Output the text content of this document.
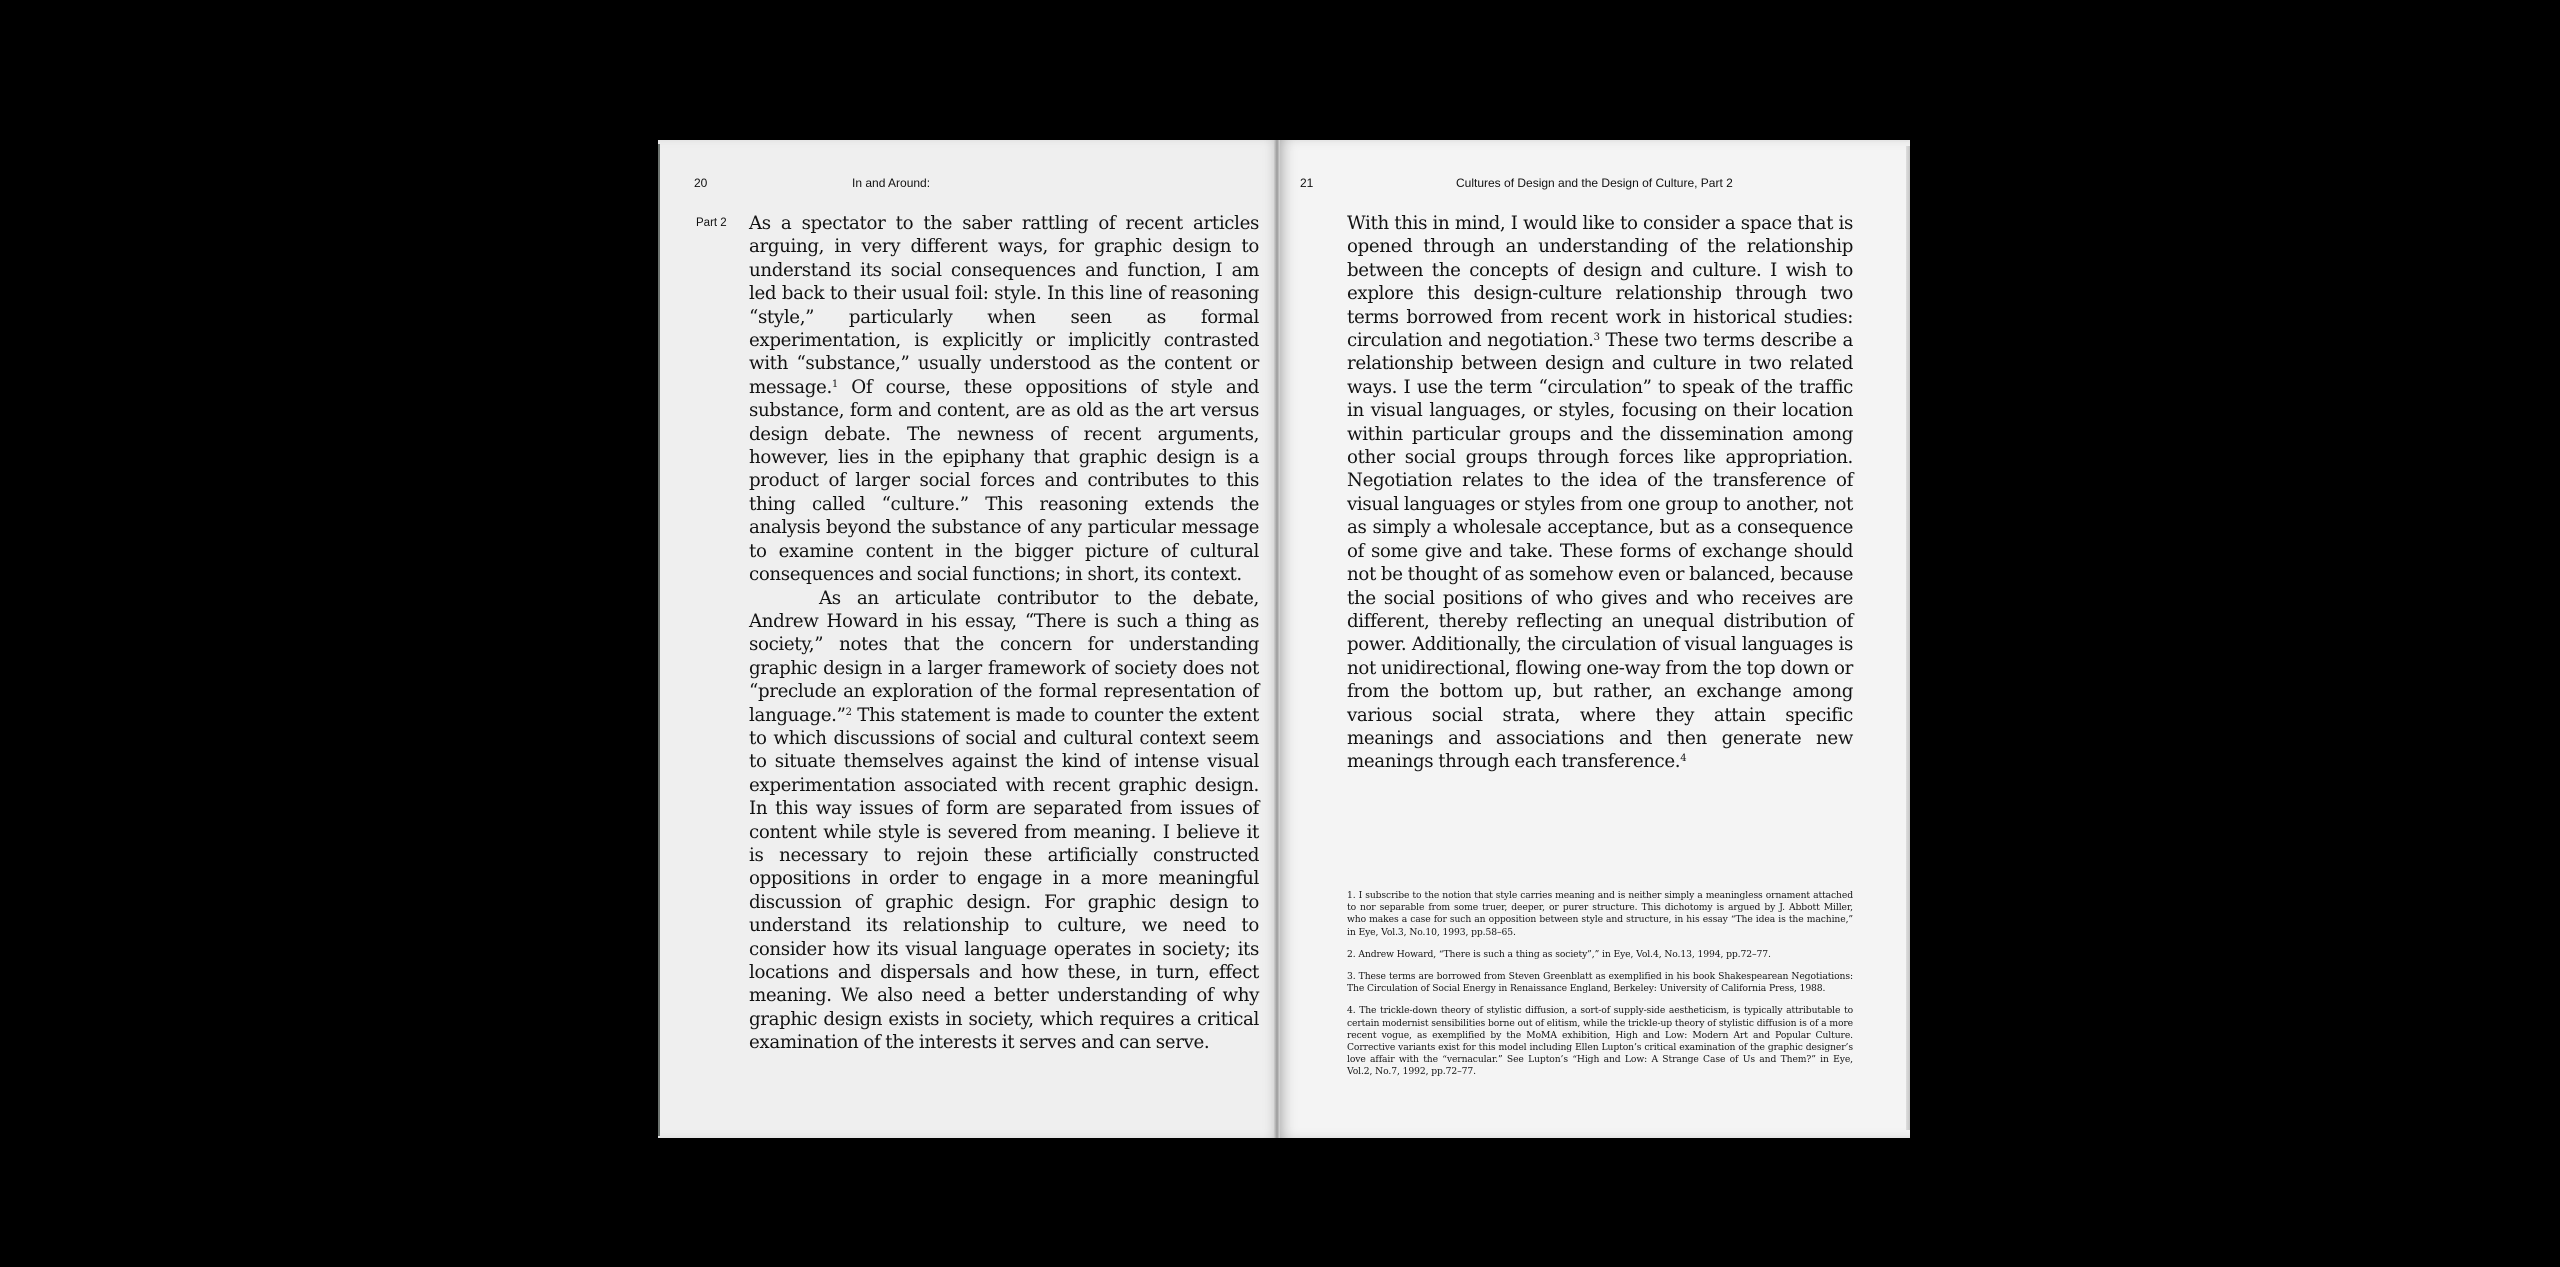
20	In and Around:
Part 2 As a spectator to the saber rattling of recent articles arguing, in very different ways, for graphic design to understand its social consequences and function, I am led back to their usual foil: style. In this line of reasoning “style,” particularly when seen as formal experimentation, is explicitly or implicitly contrasted with “substance,” usually understood as the content or message.$^1$ Of course, these oppositions of style and substance, form and content, are as old as the art versus design debate. The newness of recent arguments, however, lies in the epiphany that graphic design is a product of larger social forces and contributes to this thing called “culture.” This reasoning extends the analysis beyond the substance of any particular message to examine content in the bigger picture of cultural consequences and social functions; in short, its context.

As an articulate contributor to the debate, Andrew Howard in his essay, “There is such a thing as society,” notes that the concern for understanding graphic design in a larger framework of society does not “preclude an exploration of the formal representation of language.”$^2$ This statement is made to counter the extent to which discussions of social and cultural context seem to situate themselves against the kind of intense visual experimentation associated with recent graphic design. In this way issues of form are separated from issues of content while style is severed from meaning. I believe it is necessary to rejoin these artificially constructed oppositions in order to engage in a more meaningful discussion of graphic design. For graphic design to understand its relationship to culture, we need to consider how its visual language operates in society; its locations and dispersals and how these, in turn, effect meaning. We also need a better understanding of why graphic design exists in society, which requires a critical examination of the interests it serves and can serve.

21	Cultures of Design and the Design of Culture, Part 2

With this in mind, I would like to consider a space that is opened through an understanding of the relationship between the concepts of design and culture. I wish to explore this design-culture relationship through two terms borrowed from recent work in historical studies: circulation and negotiation.$^3$ These two terms describe a relationship between design and culture in two related ways. I use the term “circulation” to speak of the traffic in visual languages, or styles, focusing on their location within particular groups and the dissemination among other social groups through forces like appropriation. Negotiation relates to the idea of the transference of visual languages or styles from one group to another, not as simply a wholesale acceptance, but as a consequence of some give and take. These forms of exchange should not be thought of as somehow even or balanced, because the social positions of who gives and who receives are different, thereby reflecting an unequal distribution of power. Additionally, the circulation of visual languages is not unidirectional, flowing one-way from the top down or from the bottom up, but rather, an exchange among various social strata, where they attain specific meanings and associations and then generate new meanings through each transference.$^4$

1. I subscribe to the notion that style carries meaning and is neither simply a meaningless ornament attached to nor separable from some truer, deeper, or purer structure. This dichotomy is argued by J. Abbott Miller, who makes a case for such an opposition between style and structure, in his essay “The idea is the machine,” in Eye, Vol.3, No.10, 1993, pp.58–65.

2. Andrew Howard, “There is such a thing as society”,” in Eye, Vol.4, No.13, 1994, pp.72–77.

3. These terms are borrowed from Steven Greenblatt as exemplified in his book Shakespearean Negotiations: The Circulation of Social Energy in Renaissance England, Berkeley: University of California Press, 1988.

4. The trickle-down theory of stylistic diffusion, a sort-of supply-side aestheticism, is typically attributable to certain modernist sensibilities borne out of elitism, while the trickle-up theory of stylistic diffusion is of a more recent vogue, as exemplified by the MoMA exhibition, High and Low: Modern Art and Popular Culture. Corrective variants exist for this model including Ellen Lupton’s critical examination of the graphic designer’s love affair with the “vernacular.” See Lupton’s “High and Low: A Strange Case of Us and Them?” in Eye, Vol.2, No.7, 1992, pp.72–77.
